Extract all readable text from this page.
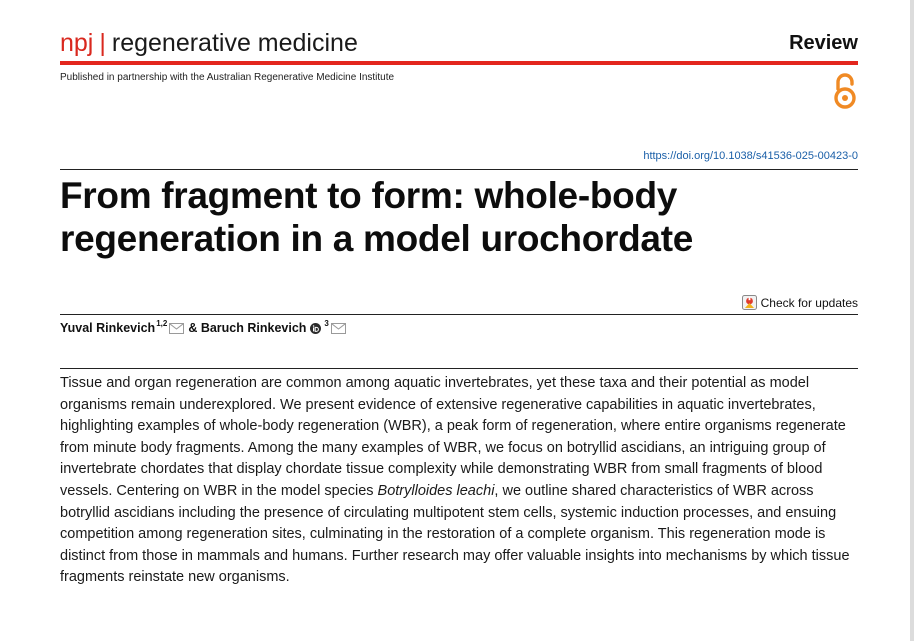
npj | regenerative medicine	Review
Published in partnership with the Australian Regenerative Medicine Institute
https://doi.org/10.1038/s41536-025-00423-0
From fragment to form: whole-body regeneration in a model urochordate
Check for updates
Yuval Rinkevich$^{1,2}$ &
Baruch Rinkevich $^3$

Tissue and organ regeneration are common among aquatic invertebrates, yet these taxa and their potential as model organisms remain underexplored. We present evidence of extensive regenerative capabilities in aquatic invertebrates, highlighting examples of whole-body regeneration (WBR), a peak form of regeneration, where entire organisms regenerate from minute body fragments. Among the many examples of WBR, we focus on botryllid ascidians, an intriguing group of invertebrate chordates that display chordate tissue complexity while demonstrating WBR from small fragments of blood vessels. Centering on WBR in the model species Botrylloides leachi, we outline shared characteristics of WBR across botryllid ascidians including the presence of circulating multipotent stem cells, systemic induction processes, and ensuing competition among regeneration sites, culminating in the restoration of a complete organism. This regeneration mode is distinct from those in mammals and humans. Further research may offer valuable insights into mechanisms by which tissue fragments reinstate new organisms.
